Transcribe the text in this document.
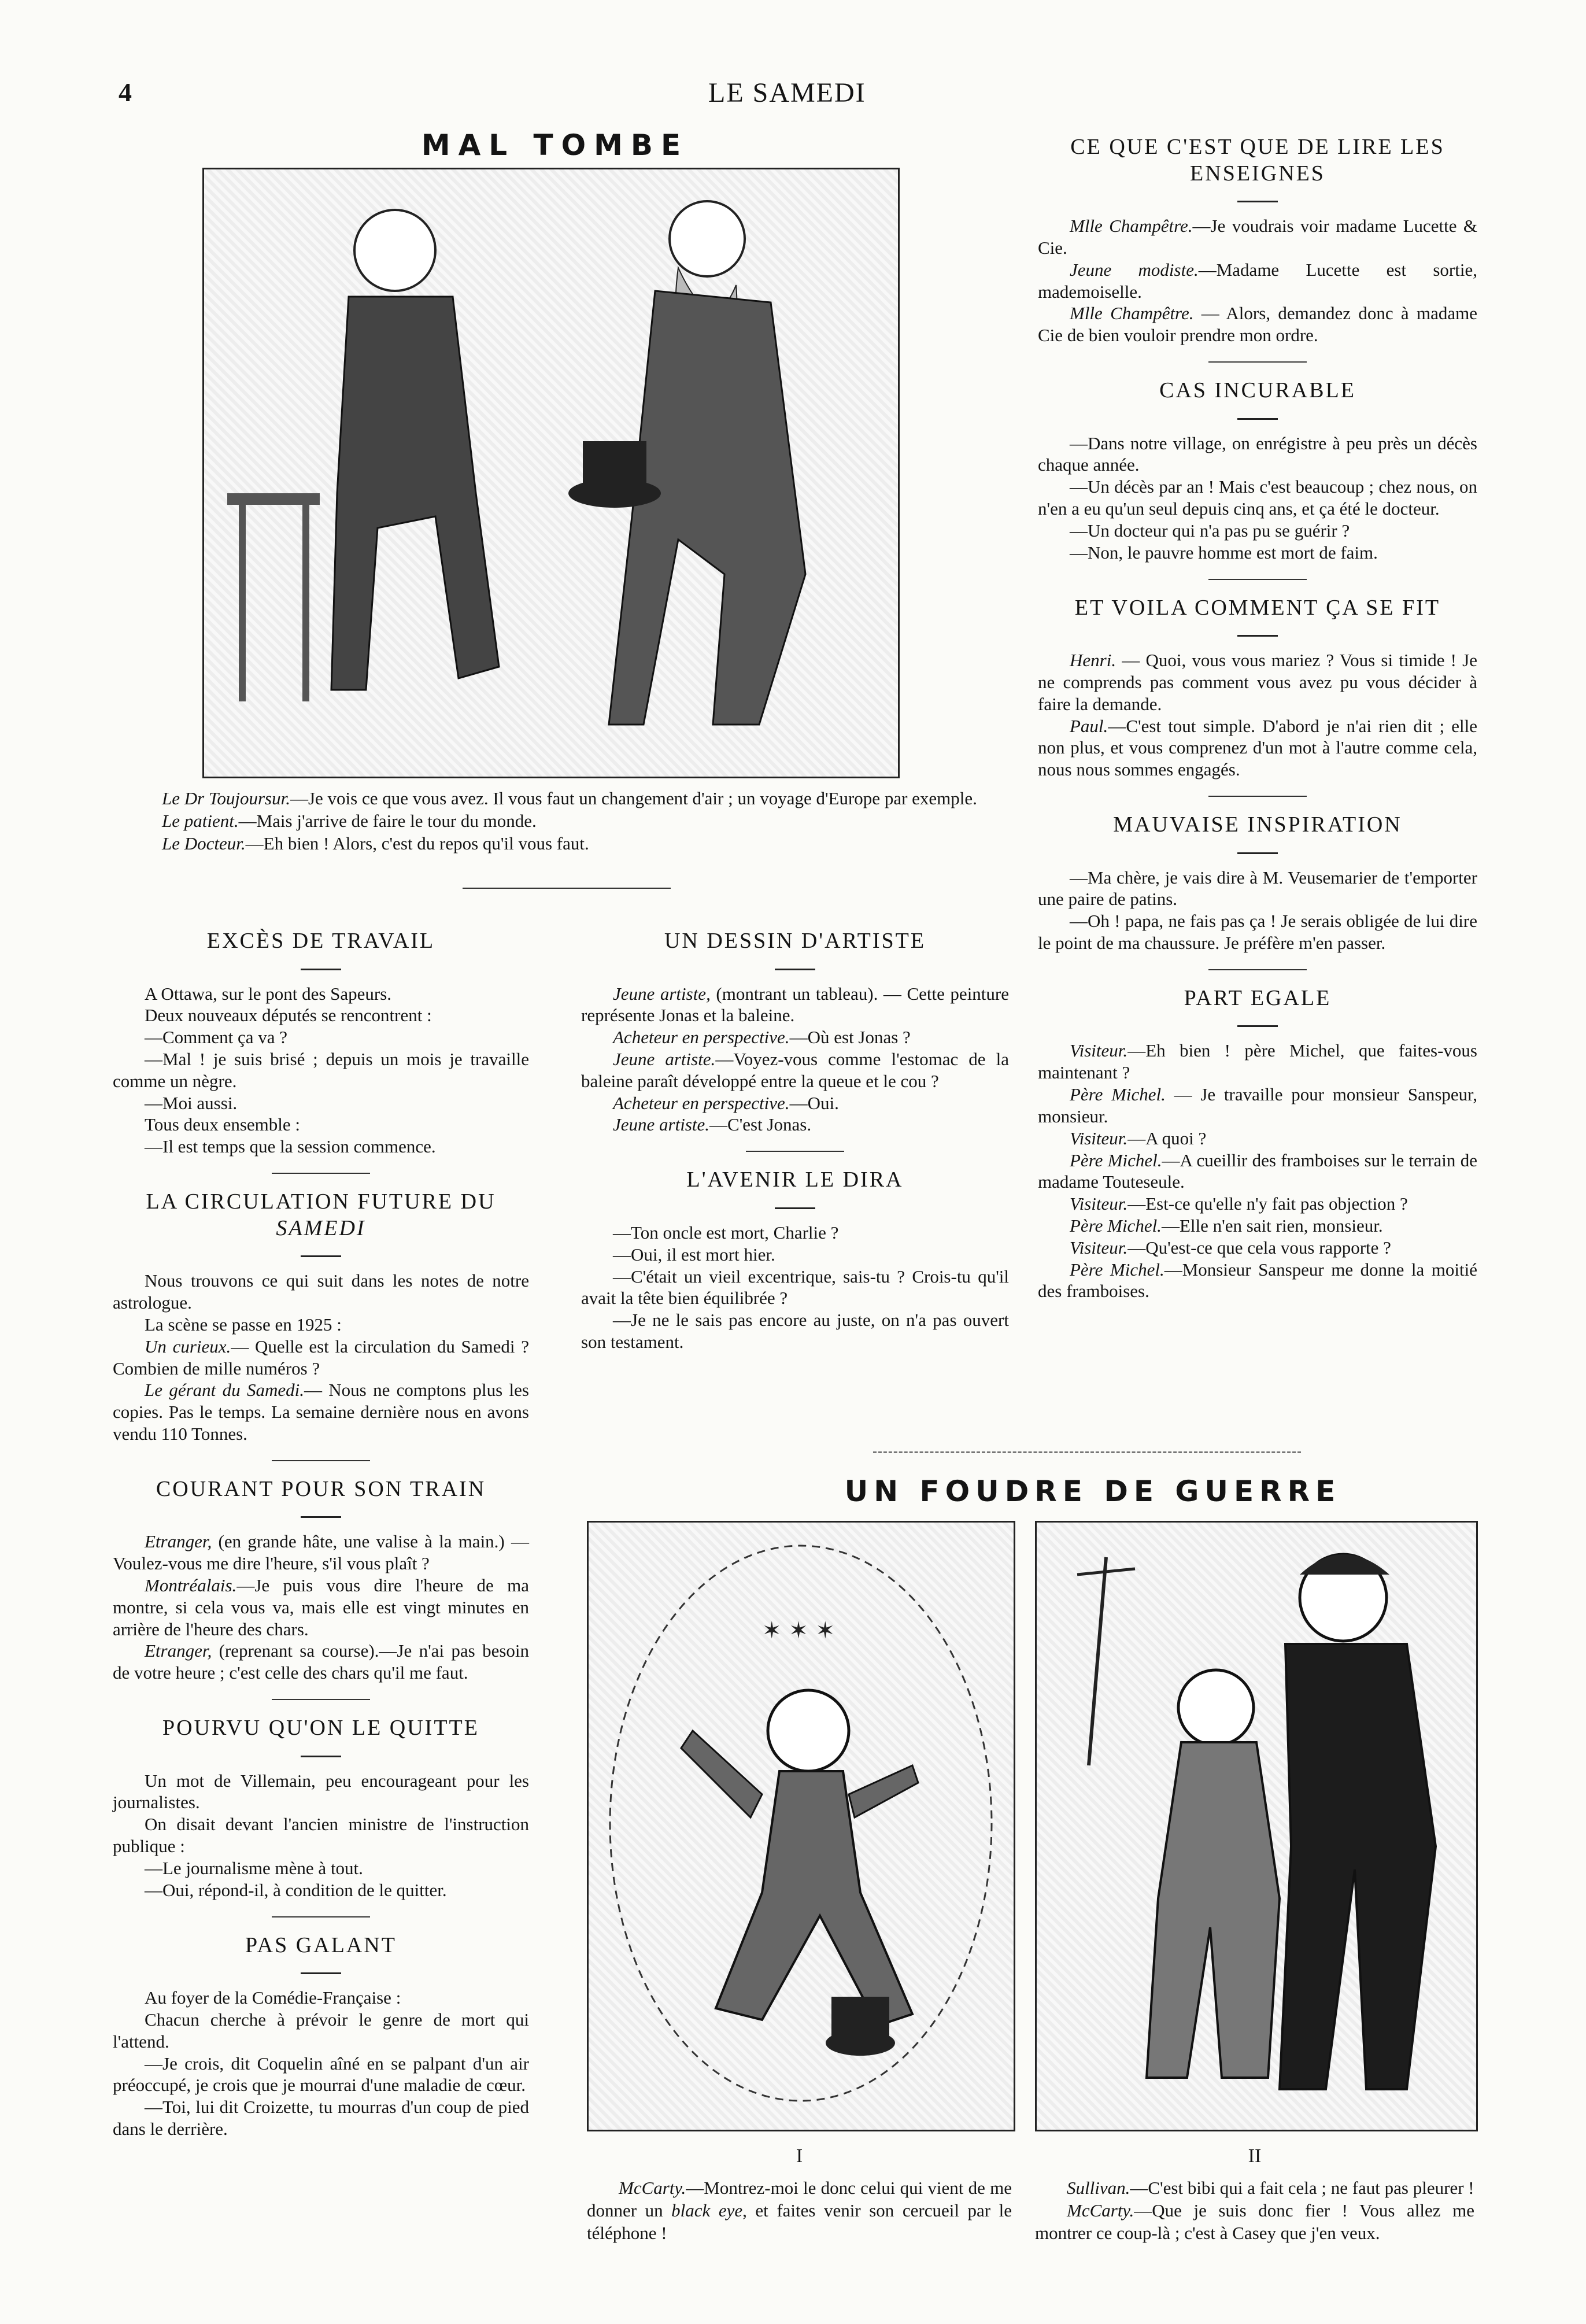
4	LE SAMEDI
MAL TOMBE
Le Dr Toujoursur.—Je vois ce que vous avez. Il vous faut un changement d'air ; un voyage d'Europe par exemple.
Le patient.—Mais j'arrive de faire le tour du monde.
Le Docteur.—Eh bien ! Alors, c'est du repos qu'il vous faut.
EXCÈS DE TRAVAIL

A Ottawa, sur le pont des Sapeurs.

Deux nouveaux députés se rencontrent :

—Comment ça va ?

—Mal ! je suis brisé ; depuis un mois je travaille comme un nègre.

—Moi aussi.

Tous deux ensemble :

—Il est temps que la session commence.

LA CIRCULATION FUTURE DU SAMEDI

Nous trouvons ce qui suit dans les notes de notre astrologue.

La scène se passe en 1925 :

Un curieux.— Quelle est la circulation du Samedi ? Combien de mille numéros ?

Le gérant du Samedi.— Nous ne comptons plus les copies. Pas le temps. La semaine dernière nous en avons vendu 110 Tonnes.

COURANT POUR SON TRAIN

Etranger, (en grande hâte, une valise à la main.) —Voulez-vous me dire l'heure, s'il vous plaît ?

Montréalais.—Je puis vous dire l'heure de ma montre, si cela vous va, mais elle est vingt minutes en arrière de l'heure des chars.

Etranger, (reprenant sa course).—Je n'ai pas besoin de votre heure ; c'est celle des chars qu'il me faut.

POURVU QU'ON LE QUITTE

Un mot de Villemain, peu encourageant pour les journalistes.

On disait devant l'ancien ministre de l'instruction publique :

—Le journalisme mène à tout.

—Oui, répond-il, à condition de le quitter.

PAS GALANT

Au foyer de la Comédie-Française :

Chacun cherche à prévoir le genre de mort qui l'attend.

—Je crois, dit Coquelin aîné en se palpant d'un air préoccupé, je crois que je mourrai d'une maladie de cœur.

—Toi, lui dit Croizette, tu mourras d'un coup de pied dans le derrière.

UN DESSIN D'ARTISTE

Jeune artiste, (montrant un tableau). — Cette peinture représente Jonas et la baleine.

Acheteur en perspective.—Où est Jonas ?

Jeune artiste.—Voyez-vous comme l'estomac de la baleine paraît développé entre la queue et le cou ?

Acheteur en perspective.—Oui.

Jeune artiste.—C'est Jonas.

L'AVENIR LE DIRA

—Ton oncle est mort, Charlie ?

—Oui, il est mort hier.

—C'était un vieil excentrique, sais-tu ? Crois-tu qu'il avait la tête bien équilibrée ?

—Je ne le sais pas encore au juste, on n'a pas ouvert son testament.

CE QUE C'EST QUE DE LIRE LES ENSEIGNES

Mlle Champêtre.—Je voudrais voir madame Lucette & Cie.

Jeune modiste.—Madame Lucette est sortie, mademoiselle.

Mlle Champêtre. — Alors, demandez donc à madame Cie de bien vouloir prendre mon ordre.

CAS INCURABLE

—Dans notre village, on enrégistre à peu près un décès chaque année.

—Un décès par an ! Mais c'est beaucoup ; chez nous, on n'en a eu qu'un seul depuis cinq ans, et ça été le docteur.

—Un docteur qui n'a pas pu se guérir ?

—Non, le pauvre homme est mort de faim.

ET VOILA COMMENT ÇA SE FIT

Henri. — Quoi, vous vous mariez ? Vous si timide ! Je ne comprends pas comment vous avez pu vous décider à faire la demande.

Paul.—C'est tout simple. D'abord je n'ai rien dit ; elle non plus, et vous comprenez d'un mot à l'autre comme cela, nous nous sommes engagés.

MAUVAISE INSPIRATION

—Ma chère, je vais dire à M. Veusemarier de t'emporter une paire de patins.

—Oh ! papa, ne fais pas ça ! Je serais obligée de lui dire le point de ma chaussure. Je préfère m'en passer.

PART EGALE

Visiteur.—Eh bien ! père Michel, que faites-vous maintenant ?

Père Michel. — Je travaille pour monsieur Sanspeur, monsieur.

Visiteur.—A quoi ?

Père Michel.—A cueillir des framboises sur le terrain de madame Touteseule.

Visiteur.—Est-ce qu'elle n'y fait pas objection ?

Père Michel.—Elle n'en sait rien, monsieur.

Visiteur.—Qu'est-ce que cela vous rapporte ?

Père Michel.—Monsieur Sanspeur me donne la moitié des framboises.

UN FOUDRE DE GUERRE
✶ ✶ ✶
I
McCarty.—Montrez-moi le donc celui qui vient de me donner un black eye, et faites venir son cercueil par le téléphone !
II
Sullivan.—C'est bibi qui a fait cela ; ne faut pas pleurer !
McCarty.—Que je suis donc fier ! Vous allez me montrer ce coup-là ; c'est à Casey que j'en veux.
